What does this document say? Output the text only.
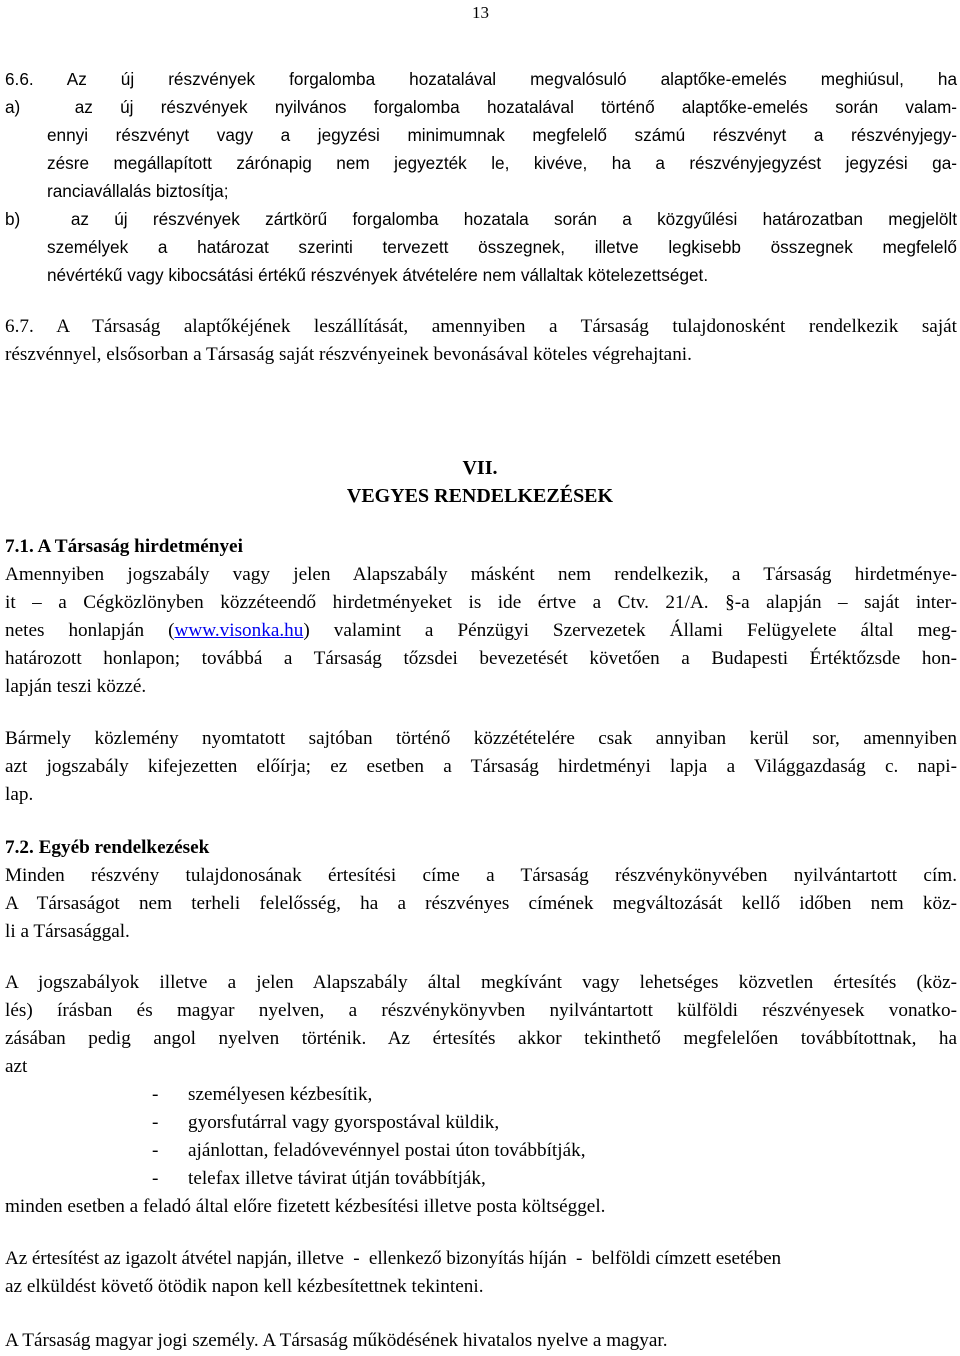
13
6.6. Az új részvények forgalomba hozatalával megvalósuló alaptőke-emelés meghiúsul, ha
a)  az új részvények nyilvános forgalomba hozatalával történő alaptőke-emelés során valam-
ennyi részvényt vagy a jegyzési minimumnak megfelelő számú részvényt a részvényjegy-
zésre megállapított zárónapig nem jegyezték le, kivéve, ha a részvényjegyzést jegyzési ga-
ranciavállalás biztosítja;
b)  az új részvények zártkörű forgalomba hozatala során a közgyűlési határozatban megjelölt
személyek a határozat szerinti tervezett összegnek, illetve legkisebb összegnek megfelelő
névértékű vagy kibocsátási értékű részvények átvételére nem vállaltak kötelezettséget.
6.7. A Társaság alaptőkéjének leszállítását, amennyiben a Társaság tulajdonosként rendelkezik saját
részvénnyel, elsősorban a Társaság saját részvényeinek bevonásával köteles végrehajtani.
VII.
VEGYES RENDELKEZÉSEK
7.1. A Társaság hirdetményei
Amennyiben jogszabály vagy jelen Alapszabály másként nem rendelkezik, a Társaság hirdetménye-
it – a Cégközlönyben közzéteendő hirdetményeket is ide értve a Ctv. 21/A. §-a alapján – saját inter-
netes honlapján (www.visonka.hu) valamint a Pénzügyi Szervezetek Állami Felügyelete által meg-
határozott honlapon; továbbá a Társaság tőzsdei bevezetését követően a Budapesti Értéktőzsde hon-
lapján teszi közzé.
Bármely közlemény nyomtatott sajtóban történő közzétételére csak annyiban kerül sor, amennyiben
azt jogszabály kifejezetten előírja; ez esetben a Társaság hirdetményi lapja a Világgazdaság c. napi-
lap.
7.2. Egyéb rendelkezések
Minden részvény tulajdonosának értesítési címe a Társaság részvénykönyvében nyilvántartott cím.
A Társaságot nem terheli felelősség, ha a részvényes címének megváltozását kellő időben nem köz-
li a Társasággal.
A jogszabályok illetve a jelen Alapszabály által megkívánt vagy lehetséges közvetlen értesítés (köz-
lés) írásban és magyar nyelven, a részvénykönyvben nyilvántartott külföldi részvényesek vonatko-
zásában pedig angol nyelven történik. Az értesítés akkor tekinthető megfelelően továbbítottnak, ha
azt
- személyesen kézbesítik,
- gyorsfutárral vagy gyorspostával küldik,
- ajánlottan, feladóvevénnyel postai úton továbbítják,
- telefax illetve távirat útján továbbítják,
minden esetben a feladó által előre fizetett kézbesítési illetve posta költséggel.
Az értesítést az igazolt átvétel napján, illetve  -  ellenkező bizonyítás híján  -  belföldi címzett esetében
az elküldést követő ötödik napon kell kézbesítettnek tekinteni.
A Társaság magyar jogi személy. A Társaság működésének hivatalos nyelve a magyar.
